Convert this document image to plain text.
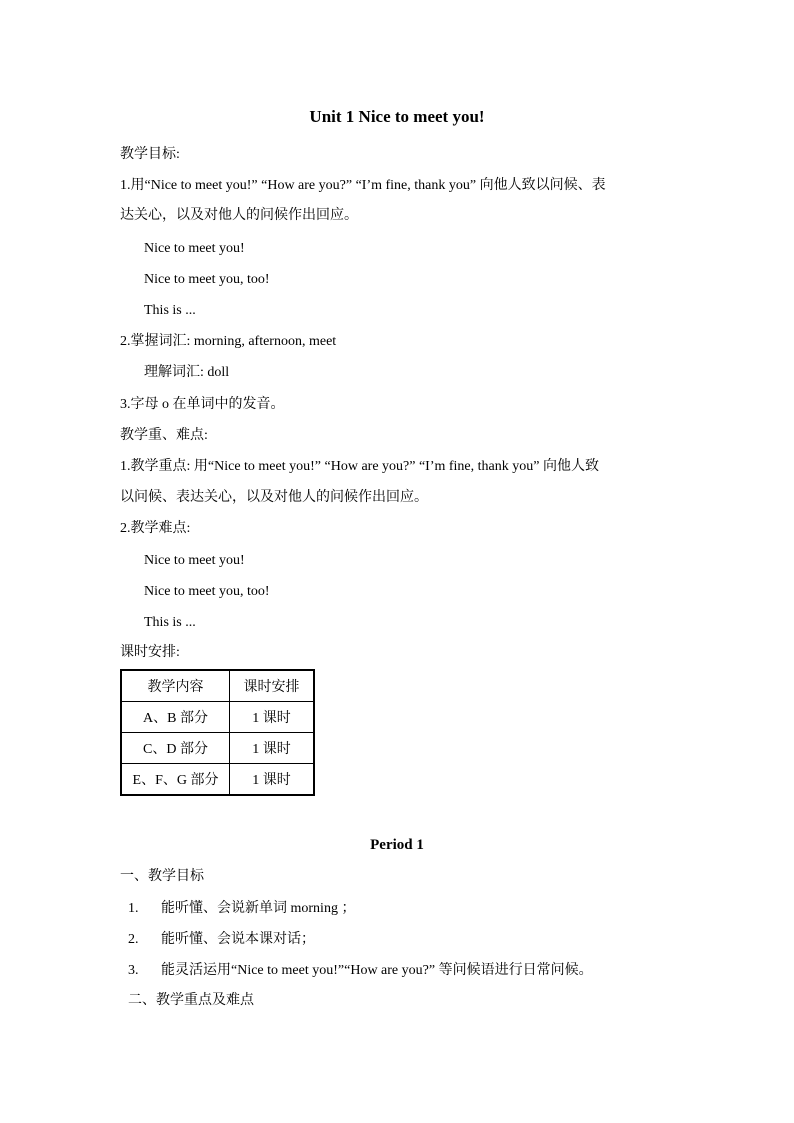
Unit 1 Nice to meet you!
教学目标:
1.用“Nice to meet you!” “How are you?” “I’m fine, thank you” 向他人致以问候、表
达关心，以及对他人的问候作出回应。
Nice to meet you!
Nice to meet you, too!
This is ...
2.掌握词汇: morning, afternoon, meet
理解词汇: doll
3.字母 o 在单词中的发音。
教学重、难点:
1.教学重点: 用“Nice to meet you!” “How are you?” “I’m fine, thank you” 向他人致
以问候、表达关心，以及对他人的问候作出回应。
2.教学难点:
Nice to meet you!
Nice to meet you, too!
This is ...
课时安排:
教学内容	课时安排
A、B 部分	1 课时
C、D 部分	1 课时
E、F、G 部分	1 课时
Period 1
一、教学目标
1. 能听懂、会说新单词 morning ；
2. 能听懂、会说本课对话；
3. 能灵活运用“Nice to meet you!”“How are you?” 等问候语进行日常问候。
二、教学重点及难点
